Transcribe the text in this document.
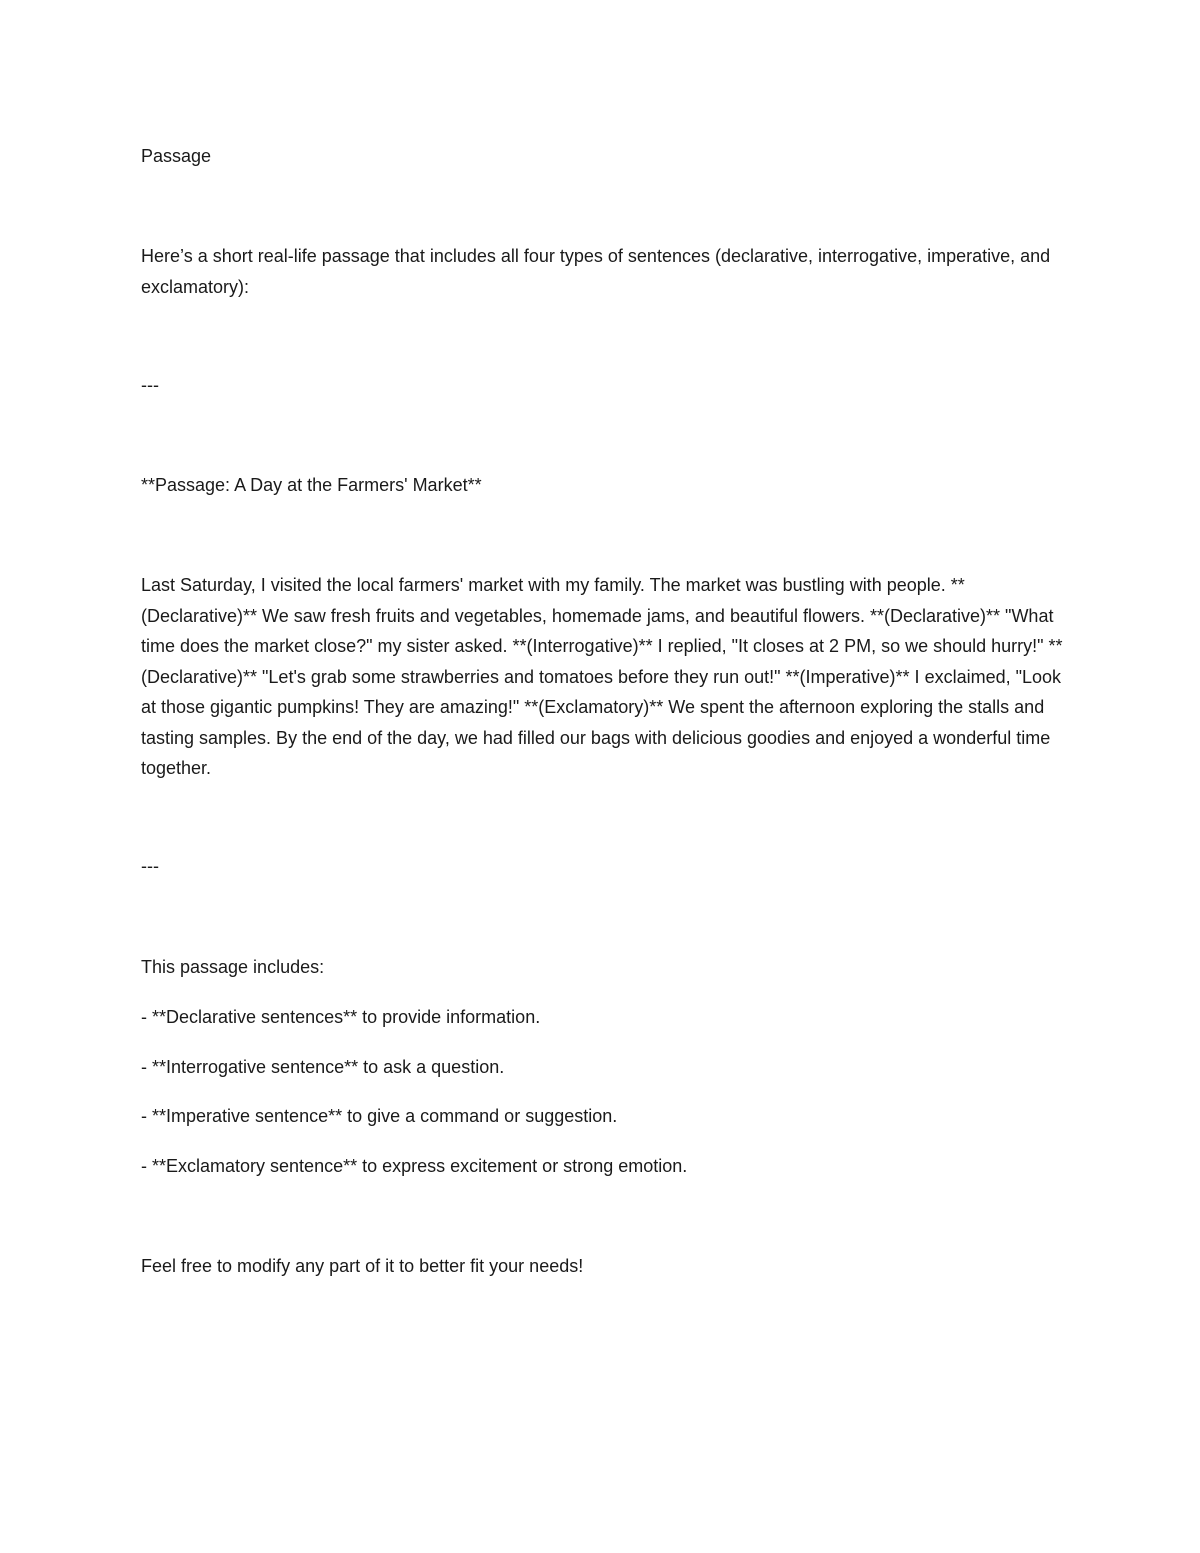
Passage

Here’s a short real-life passage that includes all four types of sentences (declarative, interrogative, imperative, and exclamatory):

---

**Passage: A Day at the Farmers' Market**

Last Saturday, I visited the local farmers' market with my family. The market was bustling with people. **(Declarative)** We saw fresh fruits and vegetables, homemade jams, and beautiful flowers. **(Declarative)** "What time does the market close?" my sister asked. **(Interrogative)** I replied, "It closes at 2 PM, so we should hurry!" **(Declarative)** "Let's grab some strawberries and tomatoes before they run out!" **(Imperative)** I exclaimed, "Look at those gigantic pumpkins! They are amazing!" **(Exclamatory)** We spent the afternoon exploring the stalls and tasting samples. By the end of the day, we had filled our bags with delicious goodies and enjoyed a wonderful time together.

---

This passage includes:

- **Declarative sentences** to provide information.

- **Interrogative sentence** to ask a question.

- **Imperative sentence** to give a command or suggestion.

- **Exclamatory sentence** to express excitement or strong emotion.

Feel free to modify any part of it to better fit your needs!
